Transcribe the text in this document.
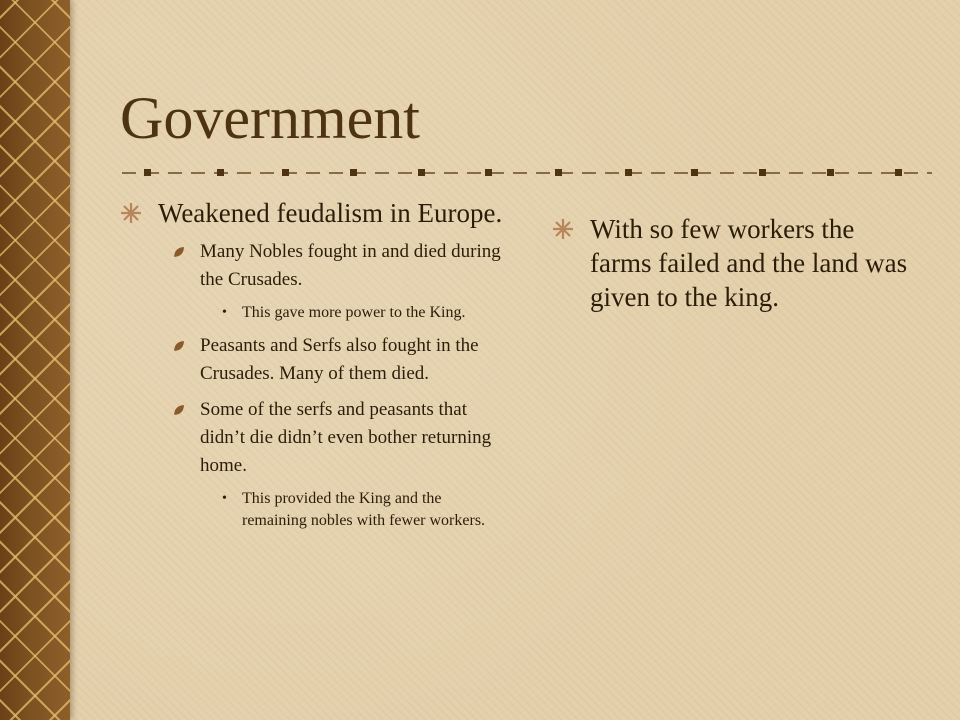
Government
Weakened feudalism in Europe.
Many Nobles fought in and died during the Crusades.
• This gave more power to the King.
Peasants and Serfs also fought in the Crusades. Many of them died.
Some of the serfs and peasants that didn’t die didn’t even bother returning home.
• This provided the King and the remaining nobles with fewer workers.
With so few workers the farms failed and the land was given to the king.
